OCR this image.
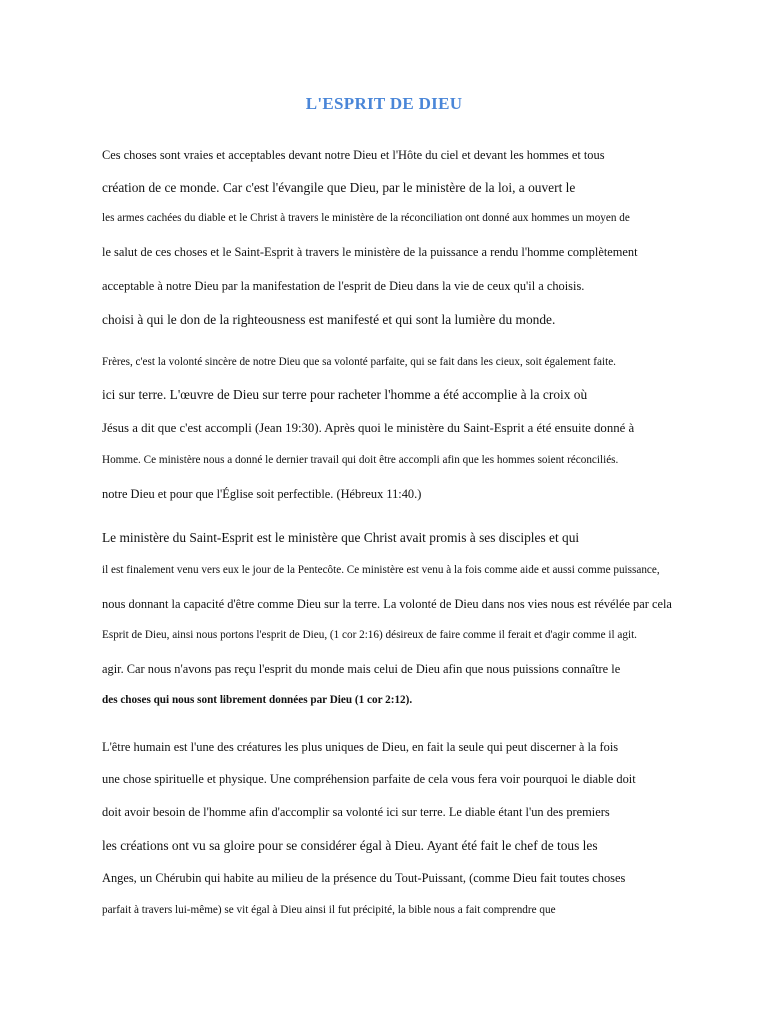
L'ESPRIT DE DIEU
Ces choses sont vraies et acceptables devant notre Dieu et l'Hôte du ciel et devant les hommes et tous
création de ce monde. Car c'est l'évangile que Dieu, par le ministère de la loi, a ouvert le
les armes cachées du diable et le Christ à travers le ministère de la réconciliation ont donné aux hommes un moyen de
le salut de ces choses et le Saint-Esprit à travers le ministère de la puissance a rendu l'homme complètement
acceptable à notre Dieu par la manifestation de l'esprit de Dieu dans la vie de ceux qu'il a choisis.
choisi à qui le don de la righteousness est manifesté et qui sont la lumière du monde.
Frères, c'est la volonté sincère de notre Dieu que sa volonté parfaite, qui se fait dans les cieux, soit également faite.
ici sur terre. L'œuvre de Dieu sur terre pour racheter l'homme a été accomplie à la croix où
Jésus a dit que c'est accompli (Jean 19:30). Après quoi le ministère du Saint-Esprit a été ensuite donné à
Homme. Ce ministère nous a donné le dernier travail qui doit être accompli afin que les hommes soient réconciliés.
notre Dieu et pour que l'Église soit perfectible. (Hébreux 11:40.)
Le ministère du Saint-Esprit est le ministère que Christ avait promis à ses disciples et qui
il est finalement venu vers eux le jour de la Pentecôte. Ce ministère est venu à la fois comme aide et aussi comme puissance,
nous donnant la capacité d'être comme Dieu sur la terre. La volonté de Dieu dans nos vies nous est révélée par cela
Esprit de Dieu, ainsi nous portons l'esprit de Dieu, (1 cor 2:16) désireux de faire comme il ferait et d'agir comme il agit.
agir. Car nous n'avons pas reçu l'esprit du monde mais celui de Dieu afin que nous puissions connaître le
des choses qui nous sont librement données par Dieu (1 cor 2:12).
L'être humain est l'une des créatures les plus uniques de Dieu, en fait la seule qui peut discerner à la fois
une chose spirituelle et physique. Une compréhension parfaite de cela vous fera voir pourquoi le diable doit
doit avoir besoin de l'homme afin d'accomplir sa volonté ici sur terre. Le diable étant l'un des premiers
les créations ont vu sa gloire pour se considérer égal à Dieu. Ayant été fait le chef de tous les
Anges, un Chérubin qui habite au milieu de la présence du Tout-Puissant, (comme Dieu fait toutes choses
parfait à travers lui-même) se vit égal à Dieu ainsi il fut précipité, la bible nous a fait comprendre que
